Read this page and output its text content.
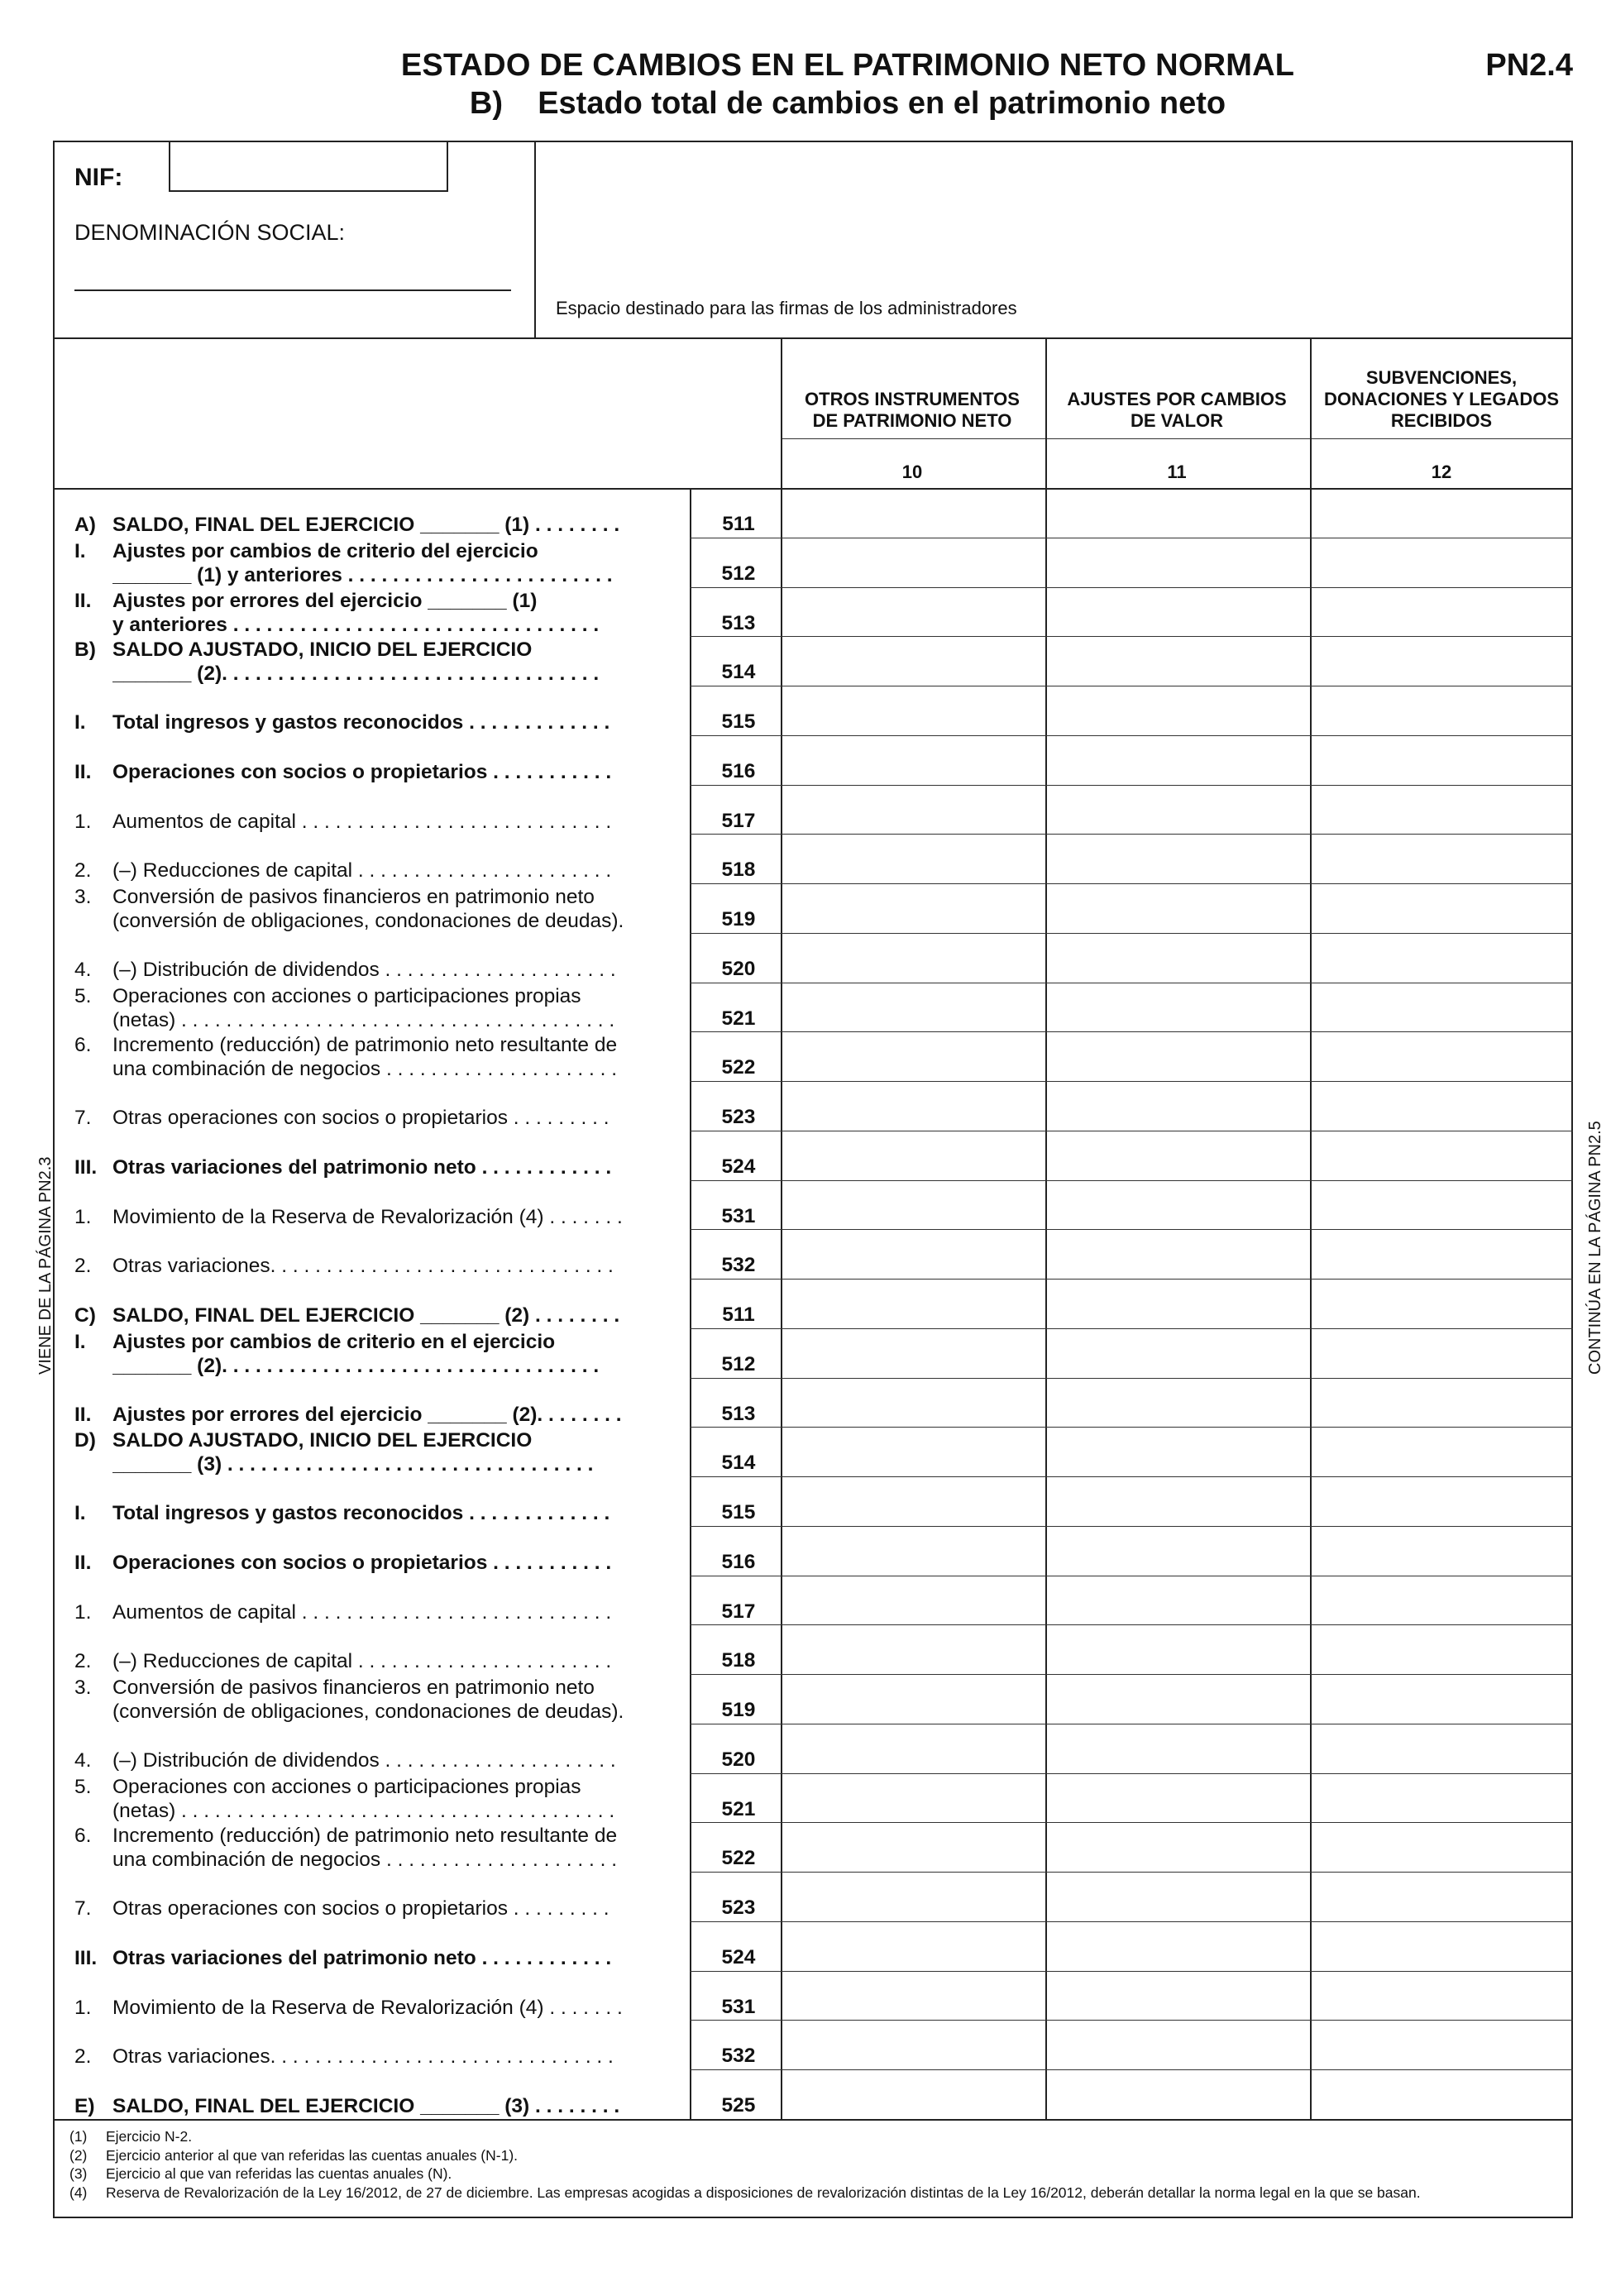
ESTADO DE CAMBIOS EN EL PATRIMONIO NETO NORMAL
B)    Estado total de cambios en el patrimonio neto
PN2.4
NIF:
DENOMINACIÓN SOCIAL:
Espacio destinado para las firmas de los administradores
OTROS INSTRUMENTOS
DE PATRIMONIO NETO
AJUSTES POR CAMBIOS
DE VALOR
SUBVENCIONES,
DONACIONES Y LEGADOS
RECIBIDOS
10	11	12
A) SALDO, FINAL DEL EJERCICIO _______ (1) . . . . . . . .	511
I. Ajustes por cambios de criterio del ejercicio
_______ (1) y anteriores . . . . . . . . . . . . . . . . . . . . . . . .	512
II. Ajustes por errores del ejercicio _______ (1)
y anteriores . . . . . . . . . . . . . . . . . . . . . . . . . . . . . . . . .	513
B) SALDO AJUSTADO, INICIO DEL EJERCICIO
_______ (2). . . . . . . . . . . . . . . . . . . . . . . . . . . . . . . . . .	514
I. Total ingresos y gastos reconocidos . . . . . . . . . . . . .	515
II. Operaciones con socios o propietarios . . . . . . . . . . .	516
1. Aumentos de capital . . . . . . . . . . . . . . . . . . . . . . . . . . . .	517
2. (–) Reducciones de capital . . . . . . . . . . . . . . . . . . . . . . .	518
3. Conversión de pasivos financieros en patrimonio neto
(conversión de obligaciones, condonaciones de deudas).	519
4. (–) Distribución de dividendos . . . . . . . . . . . . . . . . . . . . .	520
5. Operaciones con acciones o participaciones propias
(netas) . . . . . . . . . . . . . . . . . . . . . . . . . . . . . . . . . . . . . . .	521
6. Incremento (reducción) de patrimonio neto resultante de
una combinación de negocios . . . . . . . . . . . . . . . . . . . . .	522
7. Otras operaciones con socios o propietarios . . . . . . . . .	523
III. Otras variaciones del patrimonio neto . . . . . . . . . . . .	524
1. Movimiento de la Reserva de Revalorización (4) . . . . . . .	531
2. Otras variaciones. . . . . . . . . . . . . . . . . . . . . . . . . . . . . . .	532
C) SALDO, FINAL DEL EJERCICIO _______ (2) . . . . . . . .	511
I. Ajustes por cambios de criterio en el ejercicio
_______ (2). . . . . . . . . . . . . . . . . . . . . . . . . . . . . . . . . .	512
II. Ajustes por errores del ejercicio _______ (2). . . . . . . .	513
D) SALDO AJUSTADO, INICIO DEL EJERCICIO
_______ (3) . . . . . . . . . . . . . . . . . . . . . . . . . . . . . . . . .	514
I. Total ingresos y gastos reconocidos . . . . . . . . . . . . .	515
II. Operaciones con socios o propietarios . . . . . . . . . . .	516
1. Aumentos de capital . . . . . . . . . . . . . . . . . . . . . . . . . . . .	517
2. (–) Reducciones de capital . . . . . . . . . . . . . . . . . . . . . . .	518
3. Conversión de pasivos financieros en patrimonio neto
(conversión de obligaciones, condonaciones de deudas).	519
4. (–) Distribución de dividendos . . . . . . . . . . . . . . . . . . . . .	520
5. Operaciones con acciones o participaciones propias
(netas) . . . . . . . . . . . . . . . . . . . . . . . . . . . . . . . . . . . . . . .	521
6. Incremento (reducción) de patrimonio neto resultante de
una combinación de negocios . . . . . . . . . . . . . . . . . . . . .	522
7. Otras operaciones con socios o propietarios . . . . . . . . .	523
III. Otras variaciones del patrimonio neto . . . . . . . . . . . .	524
1. Movimiento de la Reserva de Revalorización (4) . . . . . . .	531
2. Otras variaciones. . . . . . . . . . . . . . . . . . . . . . . . . . . . . . .	532
E) SALDO, FINAL DEL EJERCICIO _______ (3) . . . . . . . .	525
VIENE DE LA PÁGINA PN2.3	CONTINÚA EN LA PÁGINA PN2.5
(1) Ejercicio N-2.
(2) Ejercicio anterior al que van referidas las cuentas anuales (N-1).
(3) Ejercicio al que van referidas las cuentas anuales (N).
(4) Reserva de Revalorización de la Ley 16/2012, de 27 de diciembre. Las empresas acogidas a disposiciones de revalorización distintas de la Ley 16/2012, deberán detallar la norma legal en la que se basan.
